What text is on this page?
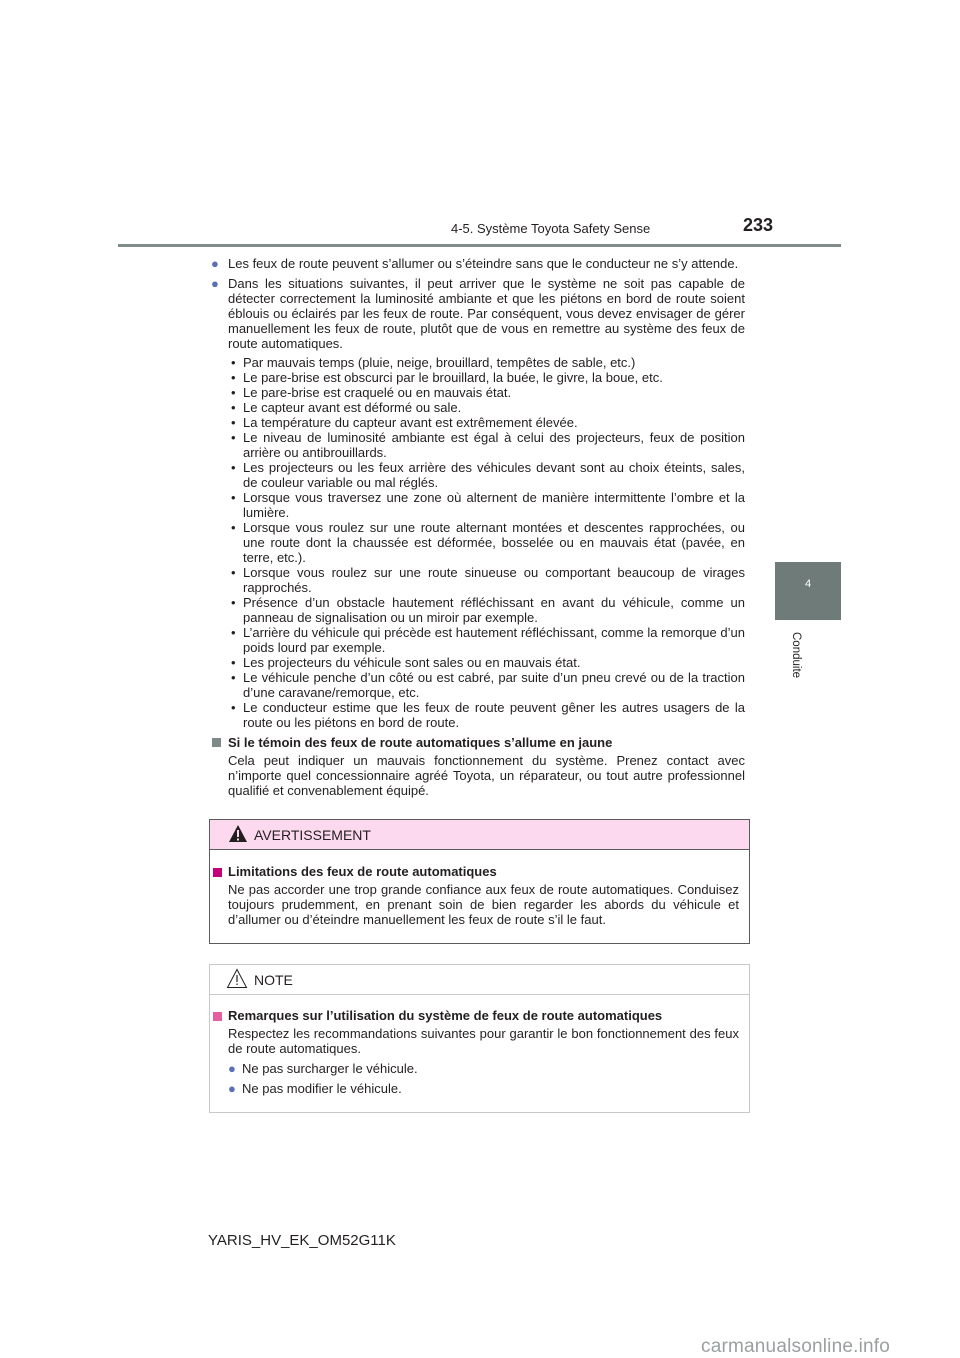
4-5. Système Toyota Safety Sense	233
4
Conduite
● Les feux de route peuvent s’allumer ou s’éteindre sans que le conducteur ne s’y attende.
● Dans les situations suivantes, il peut arriver que le système ne soit pas capable de détecter correctement la luminosité ambiante et que les piétons en bord de route soient éblouis ou éclairés par les feux de route. Par conséquent, vous devez envisager de gérer manuellement les feux de route, plutôt que de vous en remettre au système des feux de route automatiques.
• Par mauvais temps (pluie, neige, brouillard, tempêtes de sable, etc.)
• Le pare-brise est obscurci par le brouillard, la buée, le givre, la boue, etc.
• Le pare-brise est craquelé ou en mauvais état.
• Le capteur avant est déformé ou sale.
• La température du capteur avant est extrêmement élevée.
• Le niveau de luminosité ambiante est égal à celui des projecteurs, feux de position arrière ou antibrouillards.
• Les projecteurs ou les feux arrière des véhicules devant sont au choix éteints, sales, de couleur variable ou mal réglés.
• Lorsque vous traversez une zone où alternent de manière intermittente l’ombre et la lumière.
• Lorsque vous roulez sur une route alternant montées et descentes rapprochées, ou une route dont la chaussée est déformée, bosselée ou en mauvais état (pavée, en terre, etc.).
• Lorsque vous roulez sur une route sinueuse ou comportant beaucoup de virages rapprochés.
• Présence d’un obstacle hautement réfléchissant en avant du véhicule, comme un panneau de signalisation ou un miroir par exemple.
• L’arrière du véhicule qui précède est hautement réfléchissant, comme la remorque d’un poids lourd par exemple.
• Les projecteurs du véhicule sont sales ou en mauvais état.
• Le véhicule penche d’un côté ou est cabré, par suite d’un pneu crevé ou de la traction d’une caravane/remorque, etc.
• Le conducteur estime que les feux de route peuvent gêner les autres usagers de la route ou les piétons en bord de route.
Si le témoin des feux de route automatiques s’allume en jaune
Cela peut indiquer un mauvais fonctionnement du système. Prenez contact avec n’importe quel concessionnaire agréé Toyota, un réparateur, ou tout autre professionnel qualifié et convenablement équipé.
AVERTISSEMENT
Limitations des feux de route automatiques
Ne pas accorder une trop grande confiance aux feux de route automatiques. Conduisez toujours prudemment, en prenant soin de bien regarder les abords du véhicule et d’allumer ou d’éteindre manuellement les feux de route s’il le faut.
NOTE
Remarques sur l’utilisation du système de feux de route automatiques
Respectez les recommandations suivantes pour garantir le bon fonctionnement des feux de route automatiques.
● Ne pas surcharger le véhicule.
● Ne pas modifier le véhicule.
YARIS_HV_EK_OM52G11K
carmanualsonline.info
